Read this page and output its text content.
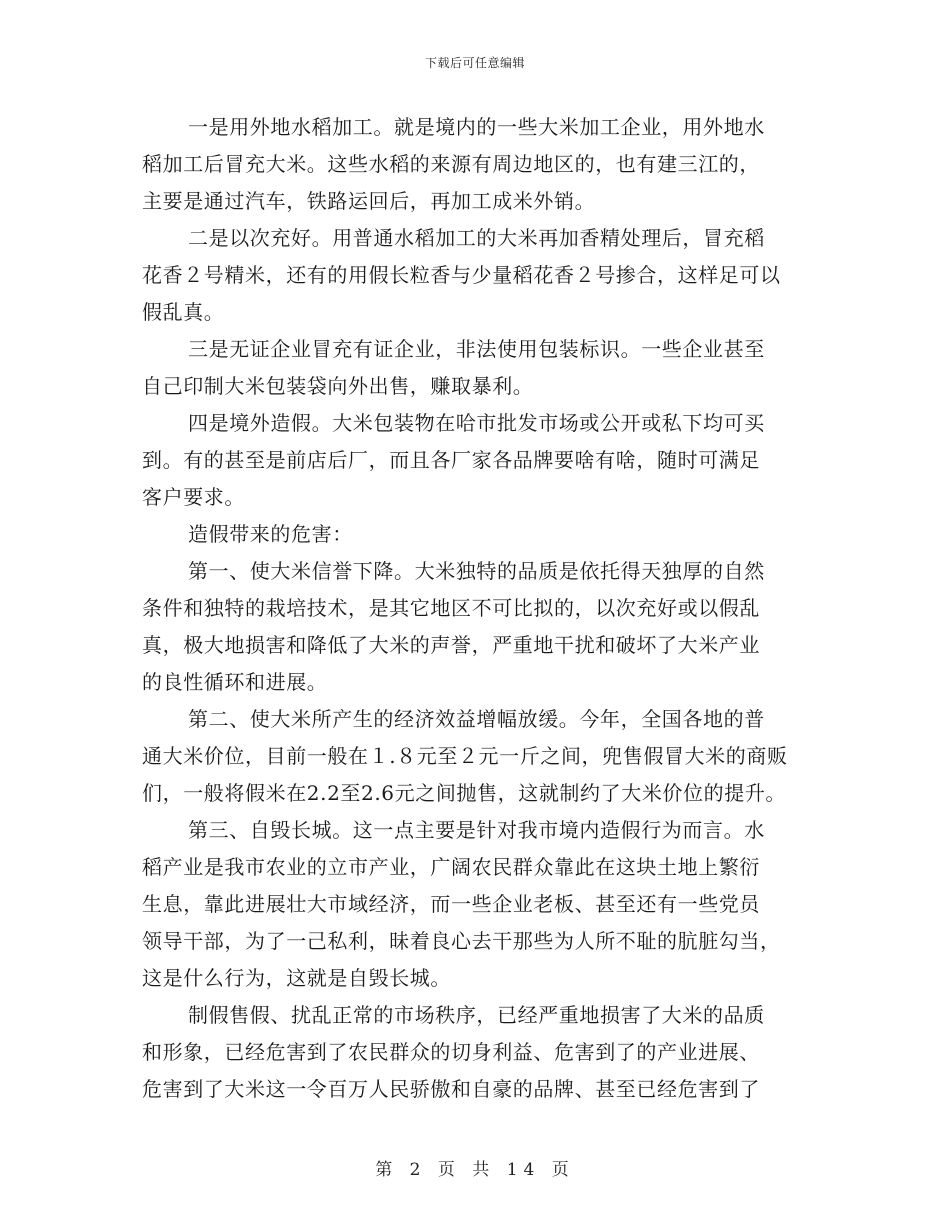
下载后可任意编辑
一是用外地水稻加工。就是境内的一些大米加工企业，用外地水
稻加工后冒充大米。这些水稻的来源有周边地区的，也有建三江的，
主要是通过汽车，铁路运回后，再加工成米外销。
二是以次充好。用普通水稻加工的大米再加香精处理后，冒充稻
花香２号精米，还有的用假长粒香与少量稻花香２号掺合，这样足可以
假乱真。
三是无证企业冒充有证企业，非法使用包装标识。一些企业甚至
自己印制大米包装袋向外出售，赚取暴利。
四是境外造假。大米包装物在哈市批发市场或公开或私下均可买
到。有的甚至是前店后厂，而且各厂家各品牌要啥有啥，随时可满足
客户要求。
造假带来的危害：
第一、使大米信誉下降。大米独特的品质是依托得天独厚的自然
条件和独特的栽培技术，是其它地区不可比拟的，以次充好或以假乱
真，极大地损害和降低了大米的声誉，严重地干扰和破坏了大米产业
的良性循环和进展。
第二、使大米所产生的经济效益增幅放缓。今年，全国各地的普
通大米价位，目前一般在１.８元至２元一斤之间，兜售假冒大米的商贩
们，一般将假米在2.2至2.6元之间抛售，这就制约了大米价位的提升。
第三、自毁长城。这一点主要是针对我市境内造假行为而言。水
稻产业是我市农业的立市产业，广阔农民群众靠此在这块土地上繁衍
生息，靠此进展壮大市域经济，而一些企业老板、甚至还有一些党员
领导干部，为了一己私利，昧着良心去干那些为人所不耻的肮脏勾当，
这是什么行为，这就是自毁长城。
制假售假、扰乱正常的市场秩序，已经严重地损害了大米的品质
和形象，已经危害到了农民群众的切身利益、危害到了的产业进展、
危害到了大米这一令百万人民骄傲和自豪的品牌、甚至已经危害到了
第 2 页 共 14 页
